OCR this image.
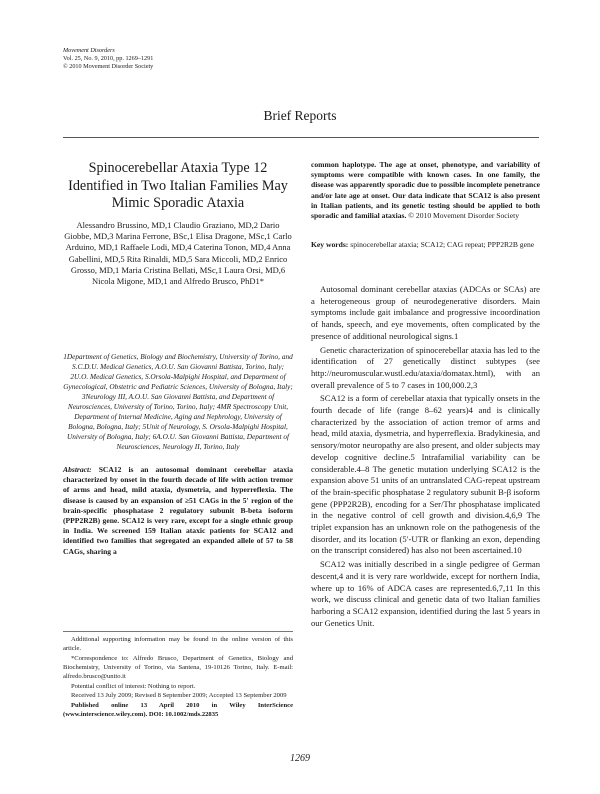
Movement Disorders
Vol. 25, No. 9, 2010, pp. 1269–1291
© 2010 Movement Disorder Society
Brief Reports
Spinocerebellar Ataxia Type 12 Identified in Two Italian Families May Mimic Sporadic Ataxia
Alessandro Brussino, MD,1 Claudio Graziano, MD,2 Dario Giobbe, MD,3 Marina Ferrone, BSc,1 Elisa Dragone, MSc,1 Carlo Arduino, MD,1 Raffaele Lodi, MD,4 Caterina Tonon, MD,4 Anna Gabellini, MD,5 Rita Rinaldi, MD,5 Sara Miccoli, MD,2 Enrico Grosso, MD,1 Maria Cristina Bellati, MSc,1 Laura Orsi, MD,6 Nicola Migone, MD,1 and Alfredo Brusco, PhD1*
1Department of Genetics, Biology and Biochemistry, University of Torino, and S.C.D.U. Medical Genetics, A.O.U. San Giovanni Battista, Torino, Italy; 2U.O. Medical Genetics, S.Orsola-Malpighi Hospital, and Department of Gynecological, Obstetric and Pediatric Sciences, University of Bologna, Italy; 3Neurology III, A.O.U. San Giovanni Battista, and Department of Neurosciences, University of Torino, Torino, Italy; 4MR Spectroscopy Unit, Department of Internal Medicine, Aging and Nephrology, University of Bologna, Bologna, Italy; 5Unit of Neurology, S. Orsola-Malpighi Hospital, University of Bologna, Italy; 6A.O.U. San Giovanni Battista, Department of Neurosciences, Neurology II, Torino, Italy
Abstract: SCA12 is an autosomal dominant cerebellar ataxia characterized by onset in the fourth decade of life with action tremor of arms and head, mild ataxia, dysmetria, and hyperreflexia. The disease is caused by an expansion of ≥51 CAGs in the 5′ region of the brain-specific phosphatase 2 regulatory subunit B-beta isoform (PPP2R2B) gene. SCA12 is very rare, except for a single ethnic group in India. We screened 159 Italian ataxic patients for SCA12 and identified two families that segregated an expanded allele of 57 to 58 CAGs, sharing a

Additional supporting information may be found in the online version of this article.

*Correspondence to: Alfredo Brusco, Department of Genetics, Biology and Biochemistry, University of Torino, via Santena, 19-10126 Torino, Italy. E-mail: alfredo.brusco@unito.it

Potential conflict of interest: Nothing to report.

Received 13 July 2009; Revised 8 September 2009; Accepted 13 September 2009

Published online 13 April 2010 in Wiley InterScience (www.interscience.wiley.com). DOI: 10.1002/mds.22835

common haplotype. The age at onset, phenotype, and variability of symptoms were compatible with known cases. In one family, the disease was apparently sporadic due to possible incomplete penetrance and/or late age at onset. Our data indicate that SCA12 is also present in Italian patients, and its genetic testing should be applied to both sporadic and familial ataxias. © 2010 Movement Disorder Society
Key words: spinocerebellar ataxia; SCA12; CAG repeat; PPP2R2B gene

Autosomal dominant cerebellar ataxias (ADCAs or SCAs) are a heterogeneous group of neurodegenerative disorders. Main symptoms include gait imbalance and progressive incoordination of hands, speech, and eye movements, often complicated by the presence of additional neurological signs.1

Genetic characterization of spinocerebellar ataxia has led to the identification of 27 genetically distinct subtypes (see http://neuromuscular.wustl.edu/ataxia/domatax.html), with an overall prevalence of 5 to 7 cases in 100,000.2,3

SCA12 is a form of cerebellar ataxia that typically onsets in the fourth decade of life (range 8–62 years)4 and is clinically characterized by the association of action tremor of arms and head, mild ataxia, dysmetria, and hyperreflexia. Bradykinesia, and sensory/motor neuropathy are also present, and older subjects may develop cognitive decline.5 Intrafamilial variability can be considerable.4–8 The genetic mutation underlying SCA12 is the expansion above 51 units of an untranslated CAG-repeat upstream of the brain-specific phosphatase 2 regulatory subunit B-β isoform gene (PPP2R2B), encoding for a Ser/Thr phosphatase implicated in the negative control of cell growth and division.4,6,9 The triplet expansion has an unknown role on the pathogenesis of the disorder, and its location (5′-UTR or flanking an exon, depending on the transcript considered) has also not been ascertained.10

SCA12 was initially described in a single pedigree of German descent,4 and it is very rare worldwide, except for northern India, where up to 16% of ADCA cases are represented.6,7,11 In this work, we discuss clinical and genetic data of two Italian families harboring a SCA12 expansion, identified during the last 5 years in our Genetics Unit.

1269
